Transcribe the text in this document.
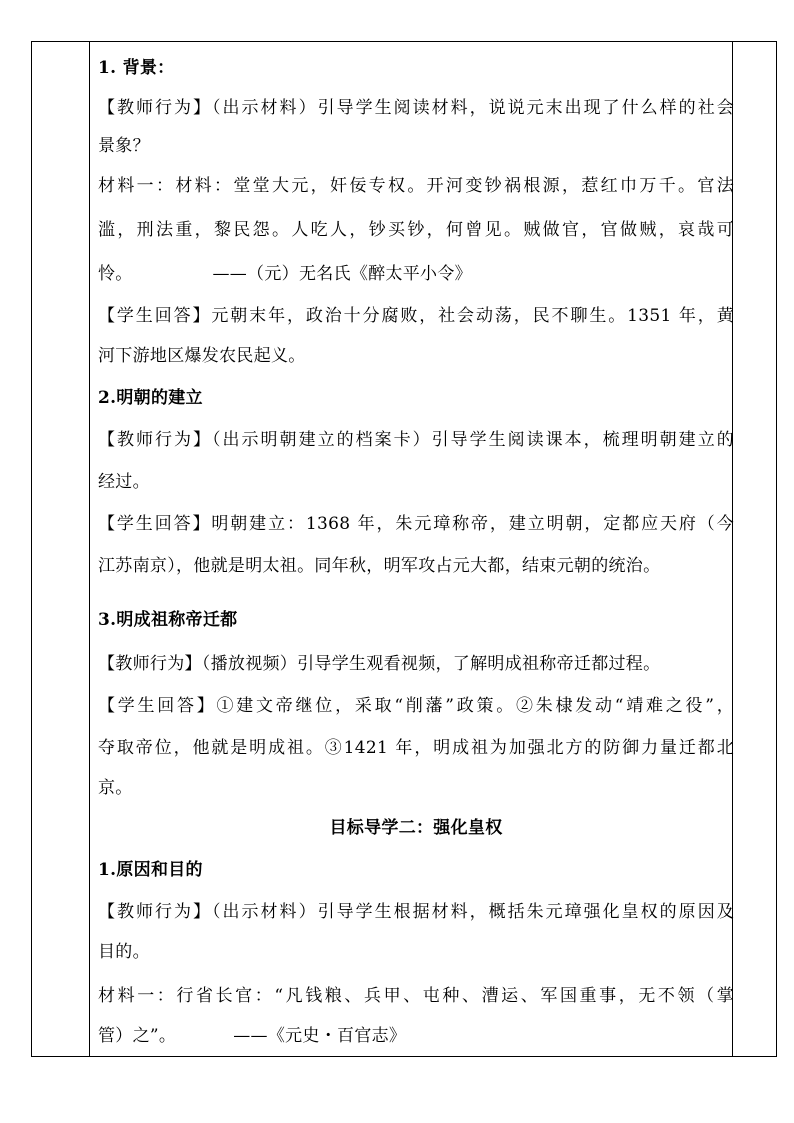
1. 背景：
【教师行为】（出示材料）引导学生阅读材料，说说元末出现了什么样的社会
景象？
材料一：材料：堂堂大元，奸佞专权。开河变钞祸根源，惹红巾万千。官法
滥，刑法重，黎民怨。人吃人，钞买钞，何曾见。贼做官，官做贼，哀哉可
怜。              ——（元）无名氏《醉太平小令》
【学生回答】元朝末年，政治十分腐败，社会动荡，民不聊生。1351 年，黄
河下游地区爆发农民起义。
2.明朝的建立
【教师行为】（出示明朝建立的档案卡）引导学生阅读课本，梳理明朝建立的
经过。
【学生回答】明朝建立：1368 年，朱元璋称帝，建立明朝，定都应天府（今
江苏南京），他就是明太祖。同年秋，明军攻占元大都，结束元朝的统治。
3.明成祖称帝迁都
【教师行为】（播放视频）引导学生观看视频，了解明成祖称帝迁都过程。
【学生回答】①建文帝继位，采取“削藩”政策。②朱棣发动“靖难之役”，
夺取帝位，他就是明成祖。③1421 年，明成祖为加强北方的防御力量迁都北
京。
目标导学二：强化皇权
1.原因和目的
【教师行为】（出示材料）引导学生根据材料，概括朱元璋强化皇权的原因及
目的。
材料一：行省长官：“凡钱粮、兵甲、屯种、漕运、军国重事，无不领（掌
管）之”。          ——《元史・百官志》
